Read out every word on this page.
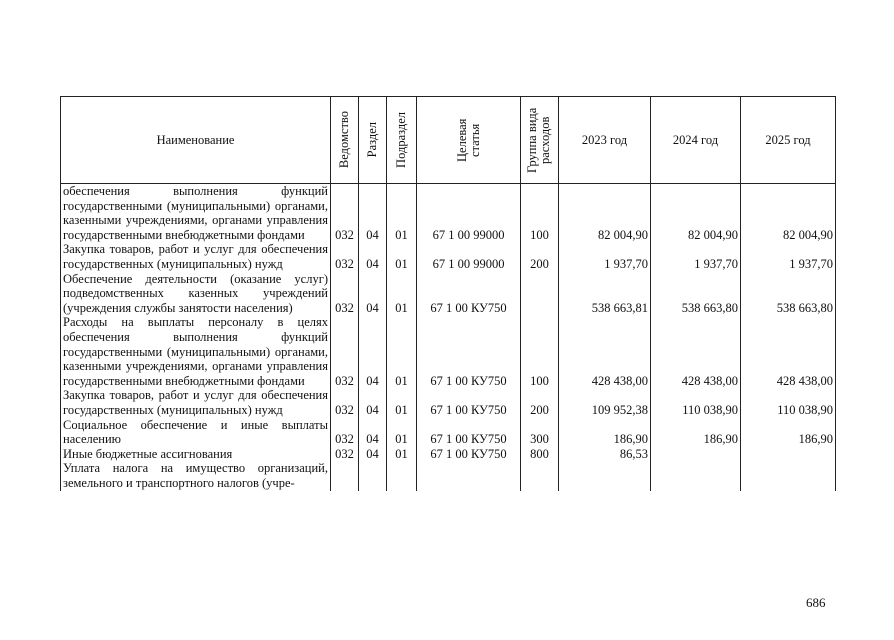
Наименование	Ведомство	Раздел	Подраздел	Целевая статья	Группа вида расходов	2023 год	2024 год	2025 год
обеспечения выполнения функций государственными (муниципальными) органами, казенными учреждениями, органами управления государственными внебюджетными фондами	032	04	01	67 1 00 99000	100	82 004,90	82 004,90	82 004,90
Закупка товаров, работ и услуг для обеспечения государственных (муниципальных) нужд	032	04	01	67 1 00 99000	200	1 937,70	1 937,70	1 937,70
Обеспечение деятельности (оказание услуг) подведомственных казенных учреждений (учреждения службы занятости населения)	032	04	01	67 1 00 КУ750		538 663,81	538 663,80	538 663,80
Расходы на выплаты персоналу в целях обеспечения выполнения функций государственными (муниципальными) органами, казенными учреждениями, органами управления государственными внебюджетными фондами	032	04	01	67 1 00 КУ750	100	428 438,00	428 438,00	428 438,00
Закупка товаров, работ и услуг для обеспечения государственных (муниципальных) нужд	032	04	01	67 1 00 КУ750	200	109 952,38	110 038,90	110 038,90
Социальное обеспечение и иные выплаты населению	032	04	01	67 1 00 КУ750	300	186,90	186,90	186,90
Иные бюджетные ассигнования	032	04	01	67 1 00 КУ750	800	86,53		
Уплата налога на имущество организаций, земельного и транспортного налогов (учре-								
686
